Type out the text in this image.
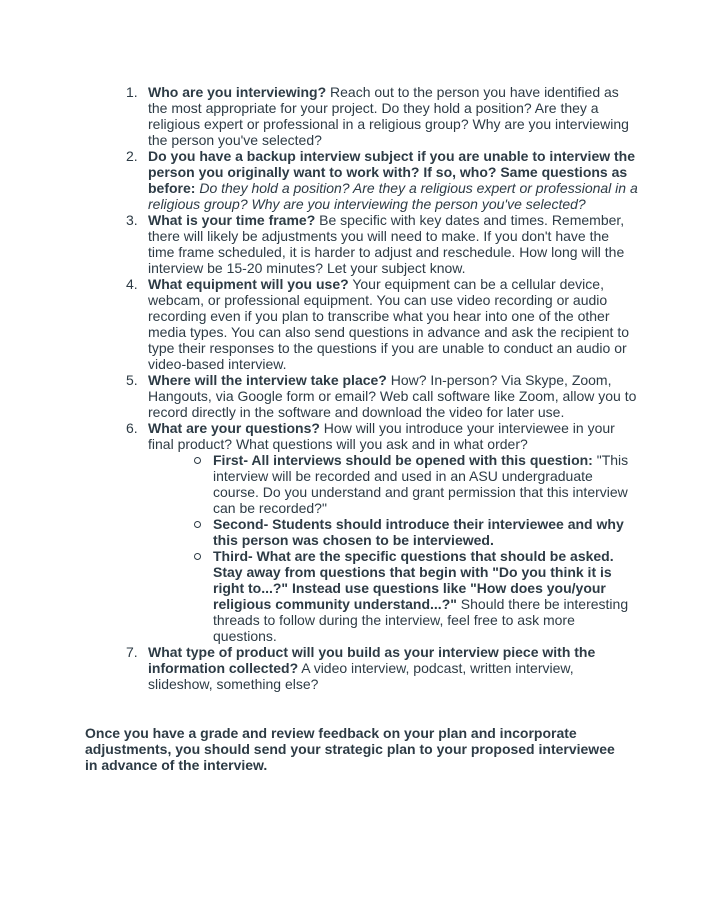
1. Who are you interviewing? Reach out to the person you have identified as the most appropriate for your project. Do they hold a position? Are they a religious expert or professional in a religious group? Why are you interviewing the person you've selected?
2. Do you have a backup interview subject if you are unable to interview the person you originally want to work with? If so, who? Same questions as before: Do they hold a position? Are they a religious expert or professional in a religious group? Why are you interviewing the person you've selected?
3. What is your time frame? Be specific with key dates and times. Remember, there will likely be adjustments you will need to make. If you don't have the time frame scheduled, it is harder to adjust and reschedule. How long will the interview be 15-20 minutes? Let your subject know.
4. What equipment will you use? Your equipment can be a cellular device, webcam, or professional equipment. You can use video recording or audio recording even if you plan to transcribe what you hear into one of the other media types. You can also send questions in advance and ask the recipient to type their responses to the questions if you are unable to conduct an audio or video-based interview.
5. Where will the interview take place? How? In-person? Via Skype, Zoom, Hangouts, via Google form or email? Web call software like Zoom, allow you to record directly in the software and download the video for later use.
6. What are your questions? How will you introduce your interviewee in your final product? What questions will you ask and in what order?
First- All interviews should be opened with this question: "This interview will be recorded and used in an ASU undergraduate course. Do you understand and grant permission that this interview can be recorded?"
Second- Students should introduce their interviewee and why this person was chosen to be interviewed.
Third- What are the specific questions that should be asked. Stay away from questions that begin with "Do you think it is right to...?" Instead use questions like "How does you/your religious community understand...?" Should there be interesting threads to follow during the interview, feel free to ask more questions.
7. What type of product will you build as your interview piece with the information collected? A video interview, podcast, written interview, slideshow, something else?

Once you have a grade and review feedback on your plan and incorporate adjustments, you should send your strategic plan to your proposed interviewee in advance of the interview.
